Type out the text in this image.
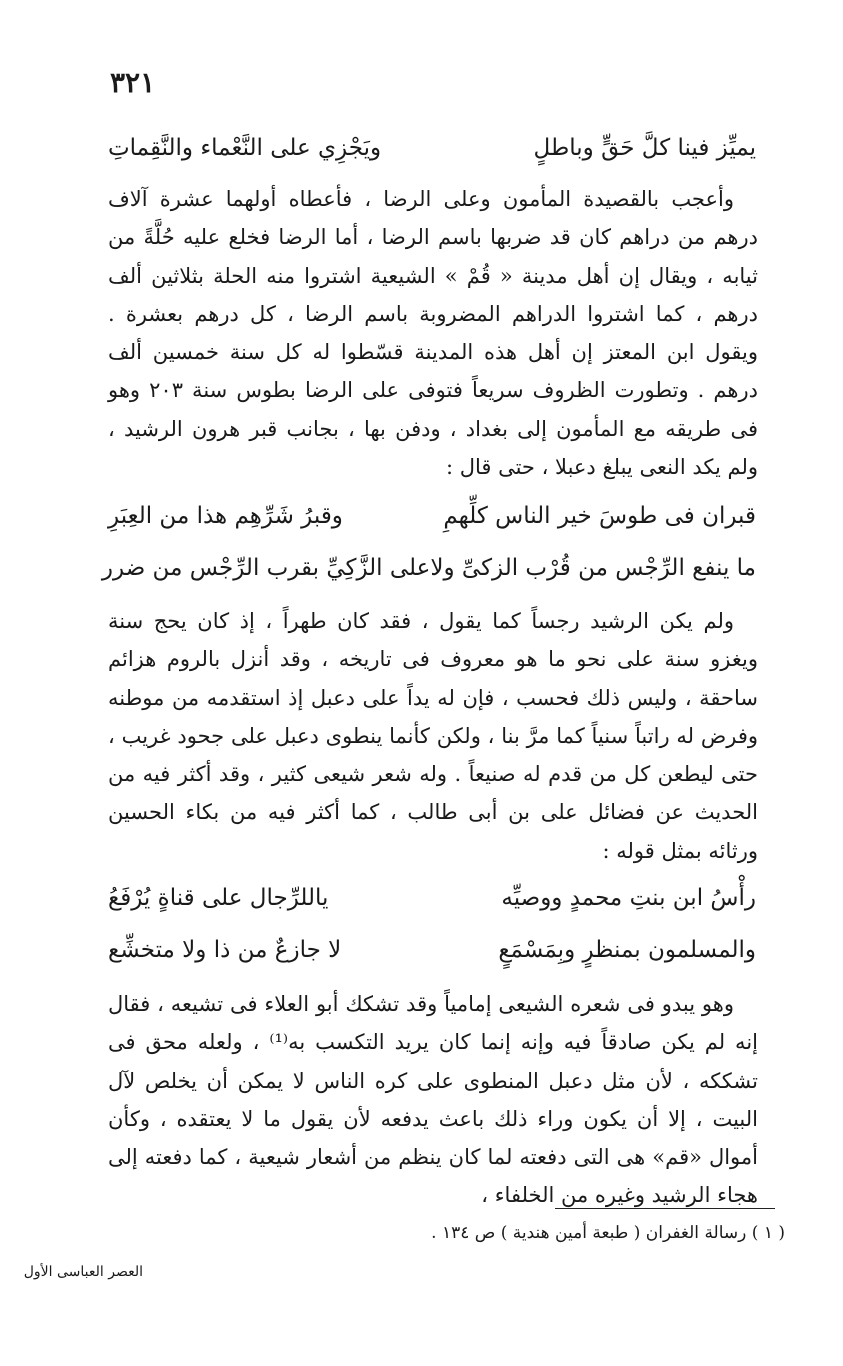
٣٢١
يميِّز فينا كلَّ حَقٍّ وباطلٍ
ويَجْزِي على النَّعْماء والنَّقِماتِ

وأعجب بالقصيدة المأمون وعلى الرضا ، فأعطاه أولهما عشرة آلاف درهم من دراهم كان قد ضربها باسم الرضا ، أما الرضا فخلع عليه حُلَّةً من ثيابه ، ويقال إن أهل مدينة « قُمْ » الشيعية اشتروا منه الحلة بثلاثين ألف درهم ، كما اشتروا الدراهم المضروبة باسم الرضا ، كل درهم بعشرة . ويقول ابن المعتز إن أهل هذه المدينة قسّطوا له كل سنة خمسين ألف درهم . وتطورت الظروف سريعاً فتوفى على الرضا بطوس سنة ٢٠٣ وهو فى طريقه مع المأمون إلى بغداد ، ودفن بها ، بجانب قبر هرون الرشيد ، ولم يكد النعى يبلغ دعبلا ، حتى قال :

قبران فى طوسَ خير الناس كلِّهمِ
وقبرُ شَرِّهِم هذا من العِبَرِ
ما ينفع الرِّجْس من قُرْب الزكىِّ ولا
على الزَّكِيِّ بقرب الرِّجْس من ضرر

ولم يكن الرشيد رجساً كما يقول ، فقد كان طهراً ، إذ كان يحج سنة ويغزو سنة على نحو ما هو معروف فى تاريخه ، وقد أنزل بالروم هزائم ساحقة ، وليس ذلك فحسب ، فإن له يداً على دعبل إذ استقدمه من موطنه وفرض له راتباً سنياً كما مرَّ بنا ، ولكن كأنما ينطوى دعبل على جحود غريب ، حتى ليطعن كل من قدم له صنيعاً . وله شعر شيعى كثير ، وقد أكثر فيه من الحديث عن فضائل على بن أبى طالب ، كما أكثر فيه من بكاء الحسين ورثائه بمثل قوله :

رأْسُ ابن بنتِ محمدٍ ووصيِّه
ياللرِّجال على قناةٍ يُرْفَعُ
والمسلمون بمنظرٍ وبِمَسْمَعٍ
لا جازعٌ من ذا ولا متخشِّع

وهو يبدو فى شعره الشيعى إمامياً وقد تشكك أبو العلاء فى تشيعه ، فقال إنه لم يكن صادقاً فيه وإنه إنما كان يريد التكسب به⁽¹⁾ ، ولعله محق فى تشككه ، لأن مثل دعبل المنطوى على كره الناس لا يمكن أن يخلص لآل البيت ، إلا أن يكون وراء ذلك باعث يدفعه لأن يقول ما لا يعتقده ، وكأن أموال «قم» هى التى دفعته لما كان ينظم من أشعار شيعية ، كما دفعته إلى هجاء الرشيد وغيره من الخلفاء ،

( ١ ) رسالة الغفران ( طبعة أمين هندية ) ص ١٣٤ .
العصر العباسى الأول
